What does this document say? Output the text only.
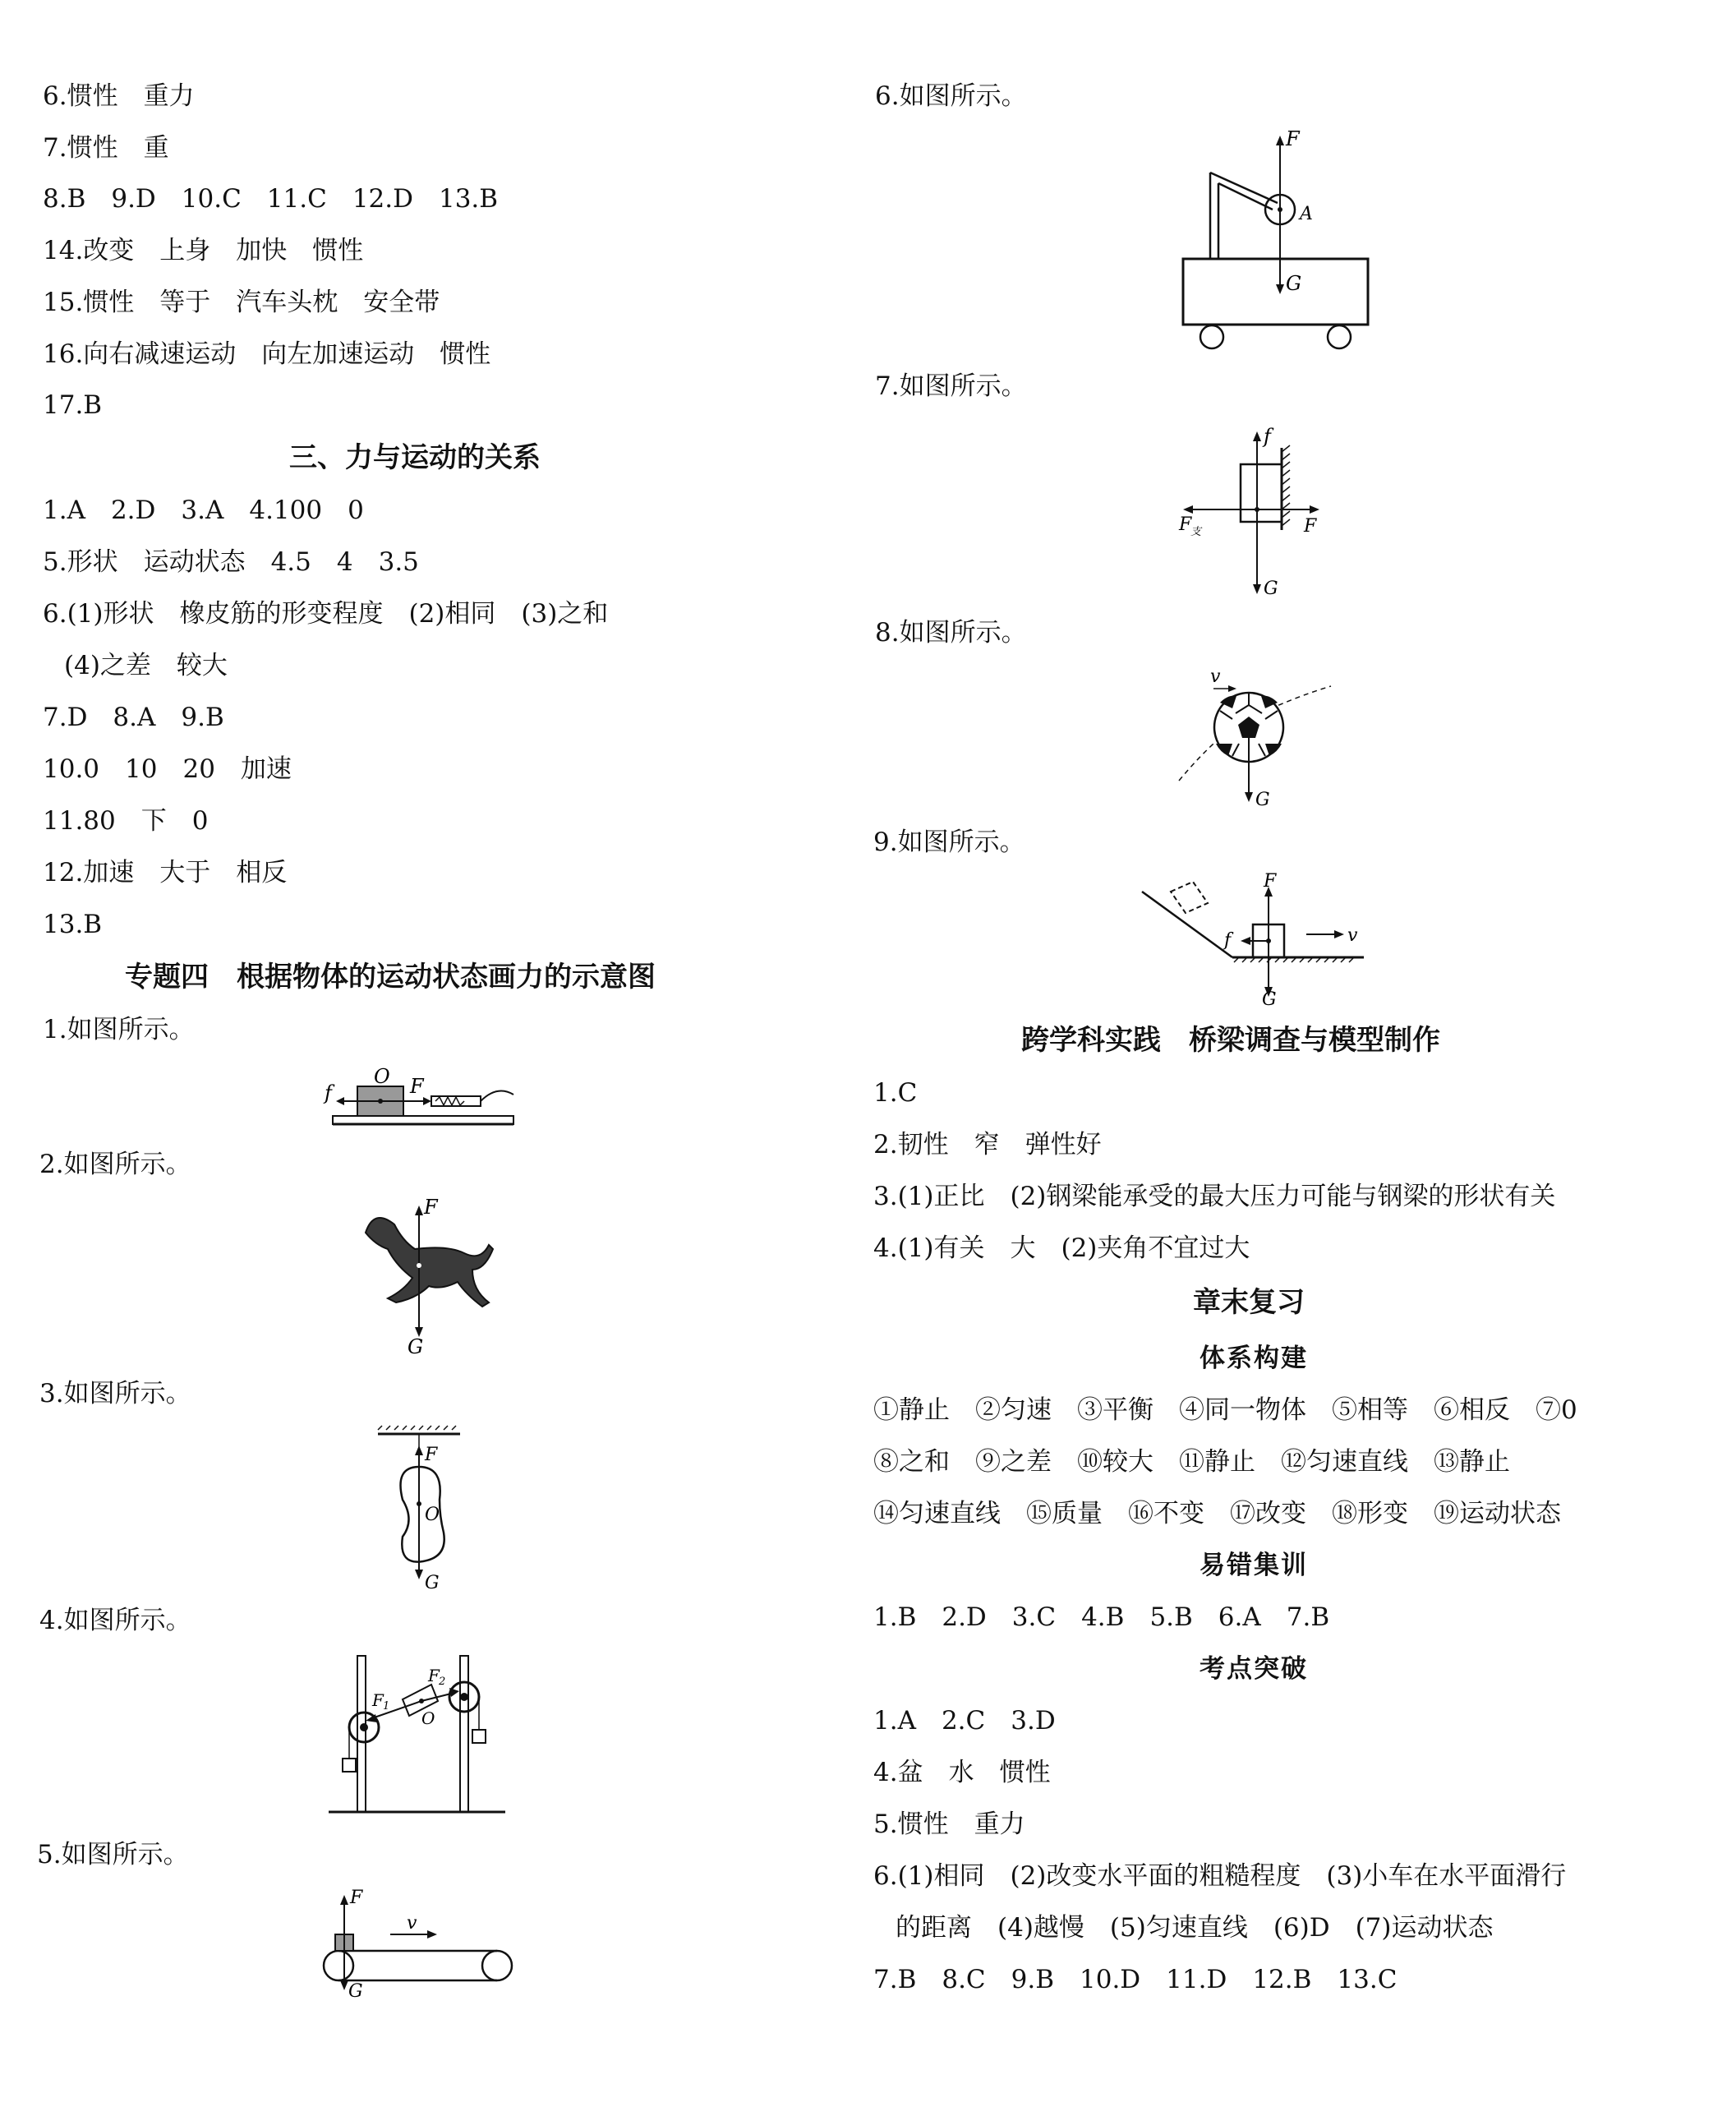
6.惯性　重力
7.惯性　重
8.B　9.D　10.C　11.C　12.D　13.B
14.改变　上身　加快　惯性
15.惯性　等于　汽车头枕　安全带
16.向右减速运动　向左加速运动　惯性
17.B
三、力与运动的关系
1.A　2.D　3.A　4.100　0
5.形状　运动状态　4.5　4　3.5
6.(1)形状　橡皮筋的形变程度　(2)相同　(3)之和
(4)之差　较大
7.D　8.A　9.B
10.0　10　20　加速
11.80　下　0
12.加速　大于　相反
13.B
专题四　根据物体的运动状态画力的示意图
1.如图所示。
f
O F
2.如图所示。
F
G
3.如图所示。
F
O
G
4.如图所示。
F 1
F 2
O
5.如图所示。
F
G
v
6.如图所示。
F
A
G
7.如图所示。
f
F
支	F
G
8.如图所示。
v
G
9.如图所示。
F
f	v
G
跨学科实践　桥梁调查与模型制作
1.C
2.韧性　窄　弹性好
3.(1)正比　(2)钢梁能承受的最大压力可能与钢梁的形状有关
4.(1)有关　大　(2)夹角不宜过大
章末复习
体系构建
①静止　②匀速　③平衡　④同一物体　⑤相等　⑥相反　⑦0
⑧之和　⑨之差　⑩较大　⑪静止　⑫匀速直线　⑬静止
⑭匀速直线　⑮质量　⑯不变　⑰改变　⑱形变　⑲运动状态
易错集训
1.B　2.D　3.C　4.B　5.B　6.A　7.B
考点突破
1.A　2.C　3.D
4.盆　水　惯性
5.惯性　重力
6.(1)相同　(2)改变水平面的粗糙程度　(3)小车在水平面滑行
的距离　(4)越慢　(5)匀速直线　(6)D　(7)运动状态
7.B　8.C　9.B　10.D　11.D　12.B　13.C
